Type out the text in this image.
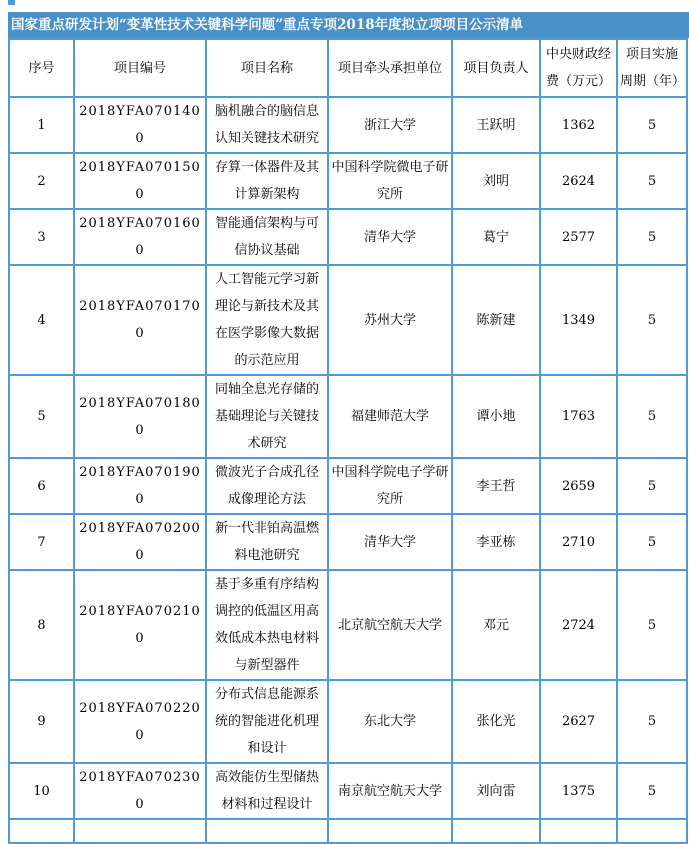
国家重点研发计划“变革性技术关键科学问题”重点专项2018年度拟立项项目公示清单
序号	项目编号	项目名称	项目牵头承担单位	项目负责人	中央财政经费（万元）	项目实施周期（年）
1	2018YFA0701400	脑机融合的脑信息认知关键技术研究	浙江大学	王跃明	1362	5
2	2018YFA0701500	存算一体器件及其计算新架构	中国科学院微电子研究所	刘明	2624	5
3	2018YFA0701600	智能通信架构与可信协议基础	清华大学	葛宁	2577	5
4	2018YFA0701700	人工智能元学习新理论与新技术及其在医学影像大数据的示范应用	苏州大学	陈新建	1349	5
5	2018YFA0701800	同轴全息光存储的基础理论与关键技术研究	福建师范大学	谭小地	1763	5
6	2018YFA0701900	微波光子合成孔径成像理论方法	中国科学院电子学研究所	李王哲	2659	5
7	2018YFA0702000	新一代非铂高温燃料电池研究	清华大学	李亚栋	2710	5
8	2018YFA0702100	基于多重有序结构调控的低温区用高效低成本热电材料与新型器件	北京航空航天大学	邓元	2724	5
9	2018YFA0702200	分布式信息能源系统的智能进化机理和设计	东北大学	张化光	2627	5
10	2018YFA0702300	高效能仿生型储热材料和过程设计	南京航空航天大学	刘向雷	1375	5
